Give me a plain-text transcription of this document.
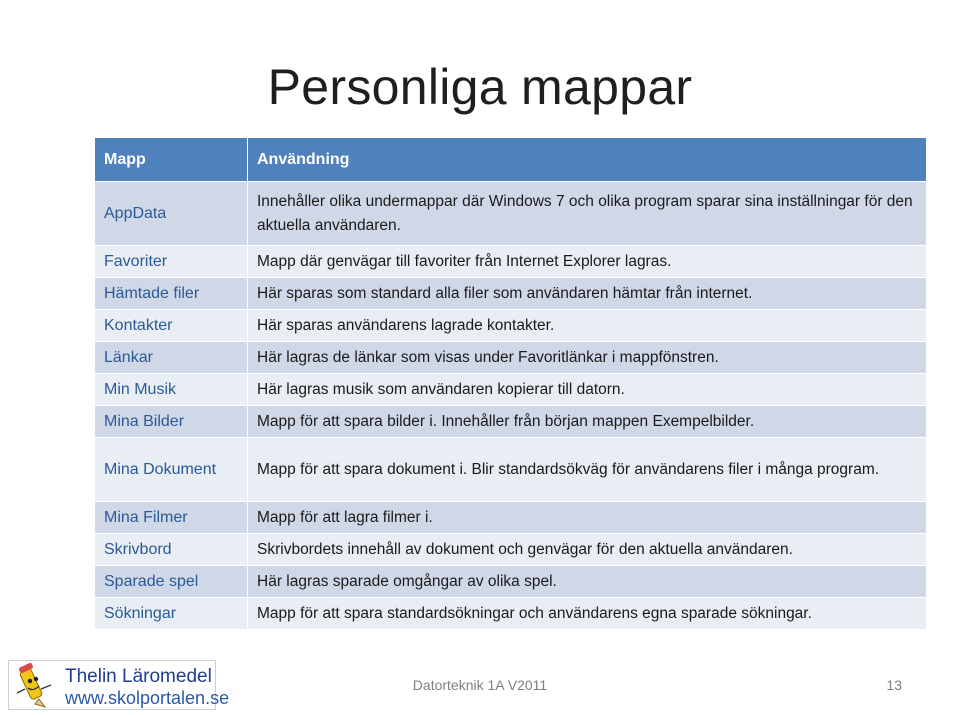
Personliga mappar
Mapp	Användning
AppData	Innehåller olika undermappar där Windows 7 och olika program sparar sina inställningar för den aktuella användaren.
Favoriter	Mapp där genvägar till favoriter från Internet Explorer lagras.
Hämtade filer	Här sparas som standard alla filer som användaren hämtar från internet.
Kontakter	Här sparas användarens lagrade kontakter.
Länkar	Här lagras de länkar som visas under Favoritlänkar i mappfönstren.
Min Musik	Här lagras musik som användaren kopierar till datorn.
Mina Bilder	Mapp för att spara bilder i. Innehåller från början mappen Exempelbilder.
Mina Dokument	Mapp för att spara dokument i. Blir standardsökväg för användarens filer i många program.
Mina Filmer	Mapp för att lagra filmer i.
Skrivbord	Skrivbordets innehåll av dokument och genvägar för den aktuella användaren.
Sparade spel	Här lagras sparade omgångar av olika spel.
Sökningar	Mapp för att spara standardsökningar och användarens egna sparade sökningar.
Thelin Läromedel
www.skolportalen.se
Datorteknik 1A V2011	13
